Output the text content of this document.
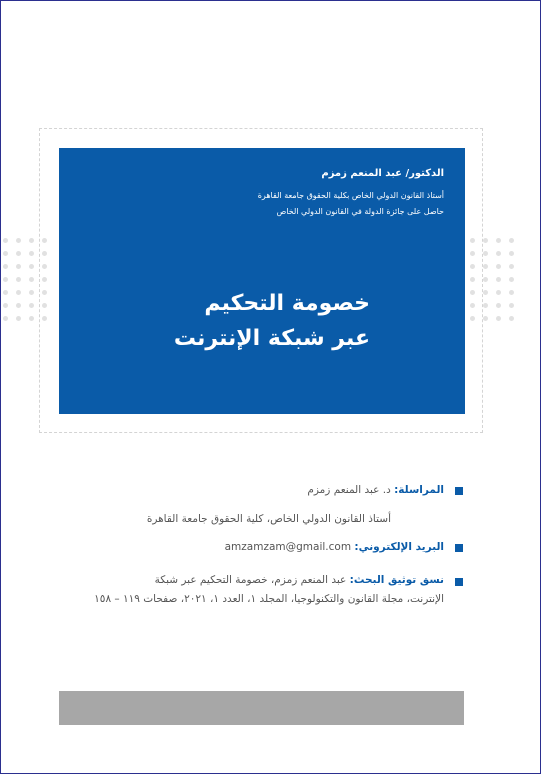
الدكتور/ عبد المنعم زمزم
أستاذ القانون الدولي الخاص بكلية الحقوق جامعة القاهرة
حاصل على جائزة الدولة في القانون الدولي الخاص
خصومة التحكيم
عبر شبكة الإنترنت
المراسلة: د. عبد المنعم زمزم
أستاذ القانون الدولي الخاص، كلية الحقوق جامعة القاهرة
البريد الإلكتروني: amzamzam@gmail.com
نسق توثيق البحث: عبد المنعم زمزم، خصومة التحكيم عبر شبكة
الإنترنت، مجلة القانون والتكنولوجيا، المجلد ١، العدد ١، ٢٠٢١، صفحات ١١٩ – ١٥٨
